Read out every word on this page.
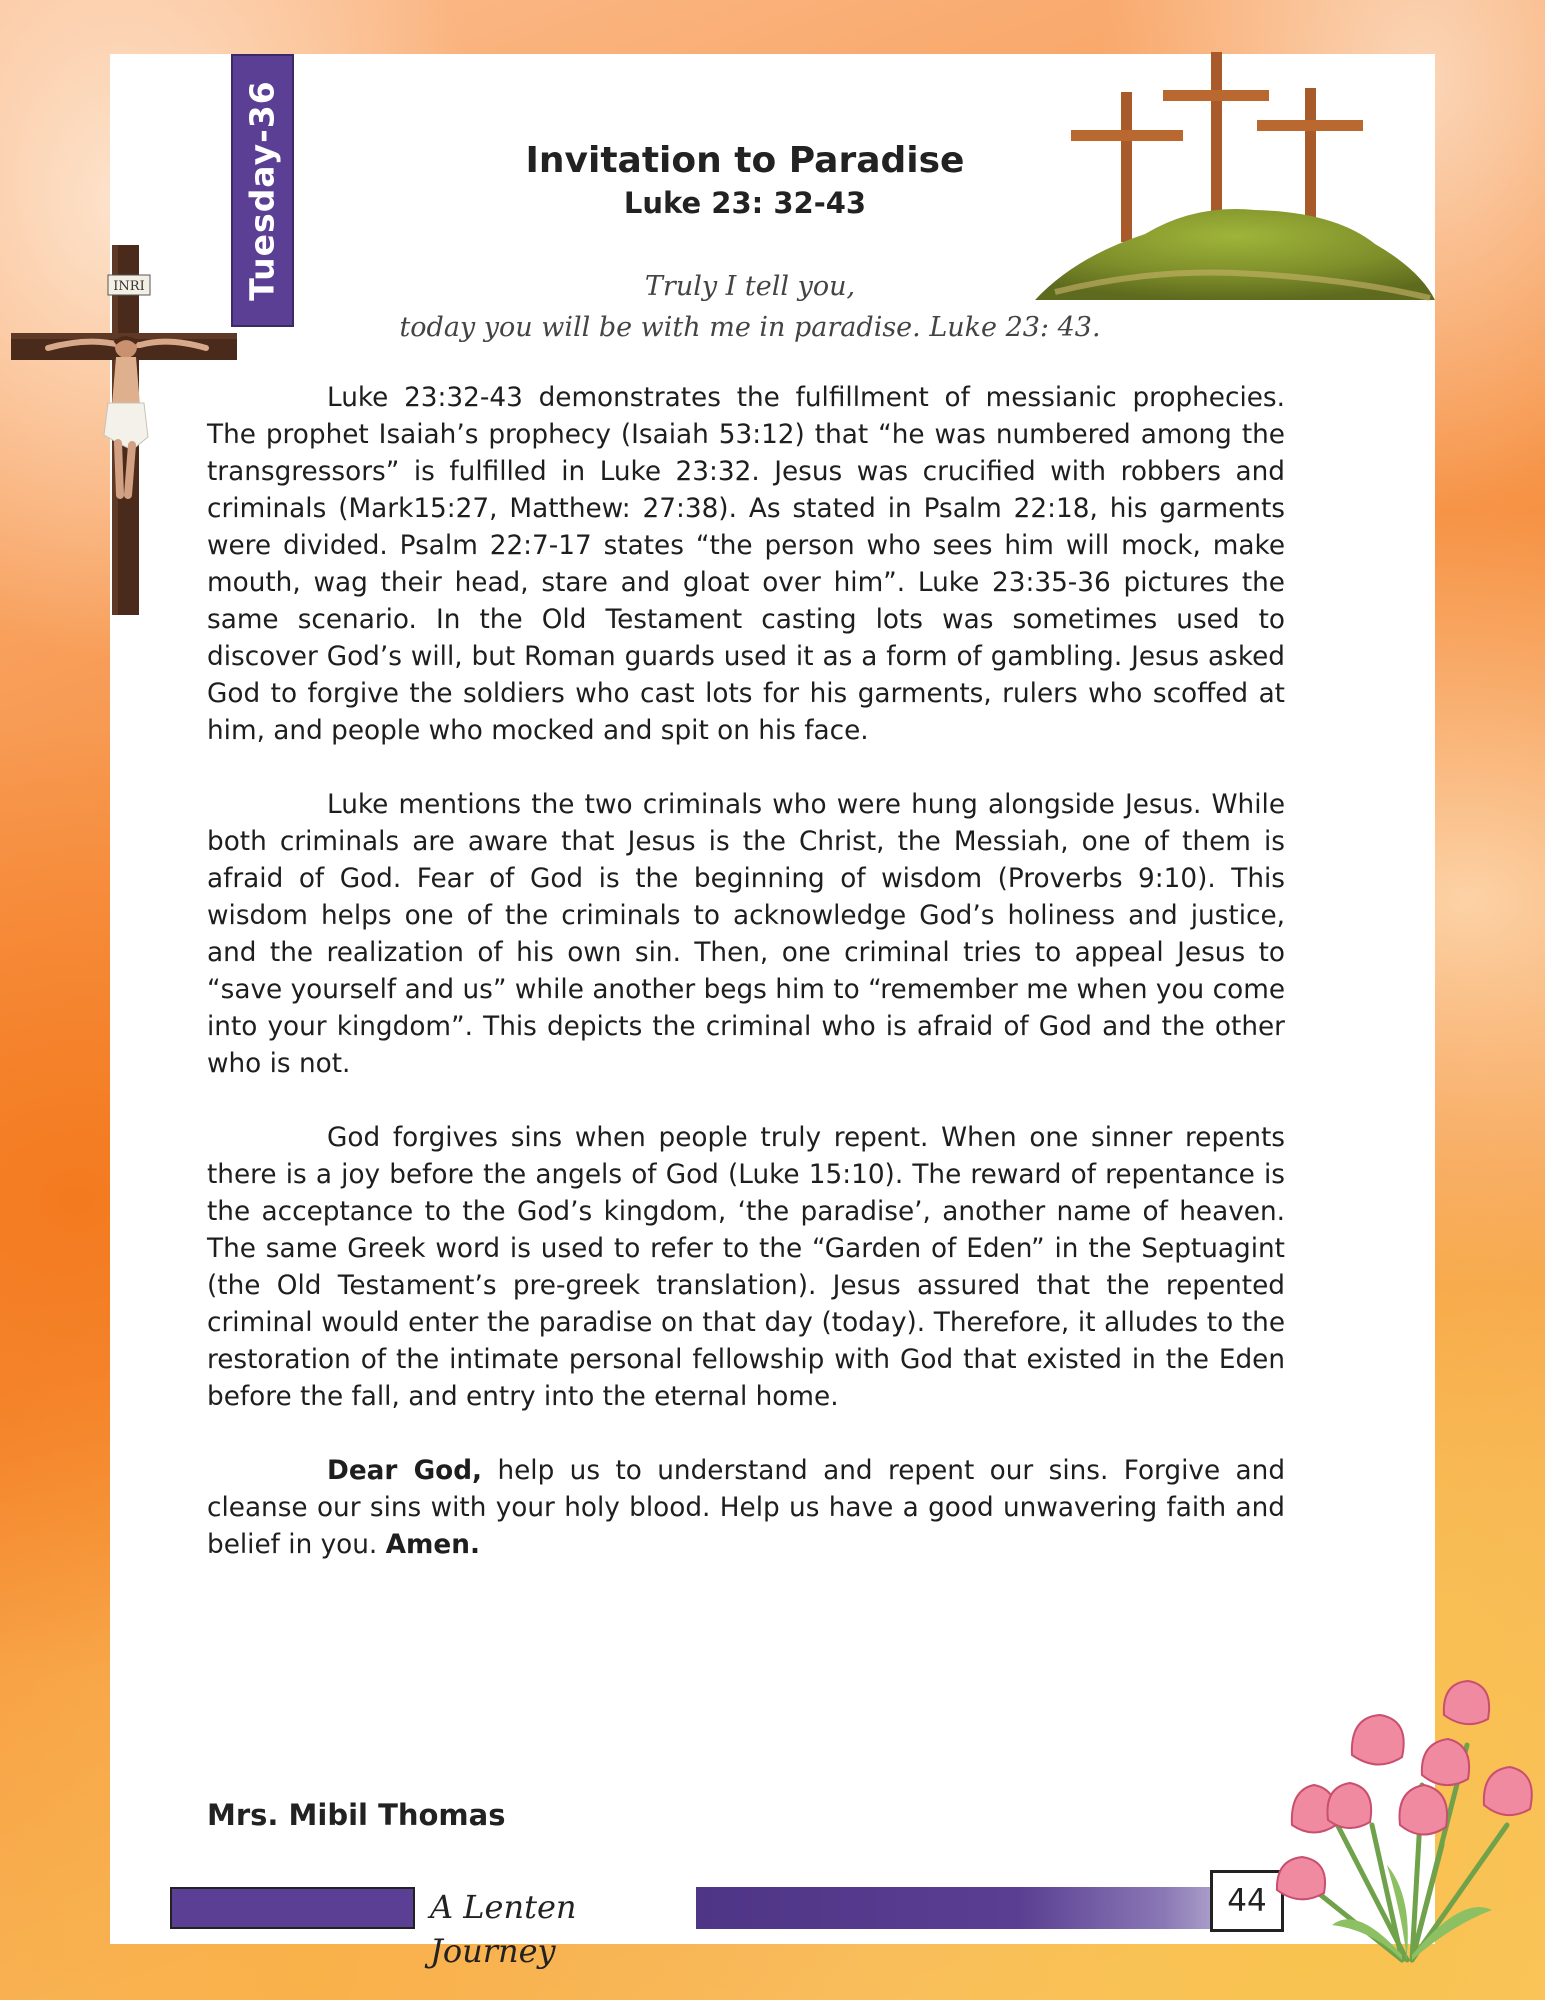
INRI	Tuesday-36	Invitation to Paradise
Luke 23: 32-43
Truly I tell you,
today you will be with me in paradise. Luke 23: 43.

Luke 23:32-43 demonstrates the fulfillment of messianic prophecies. The prophet Isaiah’s prophecy (Isaiah 53:12) that “he was numbered among the transgressors” is fulfilled in Luke 23:32. Jesus was crucified with robbers and criminals (Mark15:27, Matthew: 27:38). As stated in Psalm 22:18, his garments were divided. Psalm 22:7-17 states “the person who sees him will mock, make mouth, wag their head, stare and gloat over him”. Luke 23:35-36 pictures the same scenario. In the Old Testament casting lots was sometimes used to discover God’s will, but Roman guards used it as a form of gambling. Jesus asked God to forgive the soldiers who cast lots for his garments, rulers who scoffed at him, and people who mocked and spit on his face.

Luke mentions the two criminals who were hung alongside Jesus. While both criminals are aware that Jesus is the Christ, the Messiah, one of them is afraid of God. Fear of God is the beginning of wisdom (Proverbs 9:10). This wisdom helps one of the criminals to acknowledge God’s holiness and justice, and the realization of his own sin. Then, one criminal tries to appeal Jesus to “save yourself and us” while another begs him to “remember me when you come into your kingdom”. This depicts the criminal who is afraid of God and the other who is not.

God forgives sins when people truly repent. When one sinner repents there is a joy before the angels of God (Luke 15:10). The reward of repentance is the acceptance to the God’s kingdom, ‘the paradise’, another name of heaven. The same Greek word is used to refer to the “Garden of Eden” in the Septuagint (the Old Testament’s pre-greek translation). Jesus assured that the repented criminal would enter the paradise on that day (today). Therefore, it alludes to the restoration of the intimate personal fellowship with God that existed in the Eden before the fall, and entry into the eternal home.

Dear God, help us to understand and repent our sins. Forgive and cleanse our sins with your holy blood. Help us have a good unwavering faith and belief in you. Amen.

Mrs. Mibil Thomas
A Lenten Journey
44
